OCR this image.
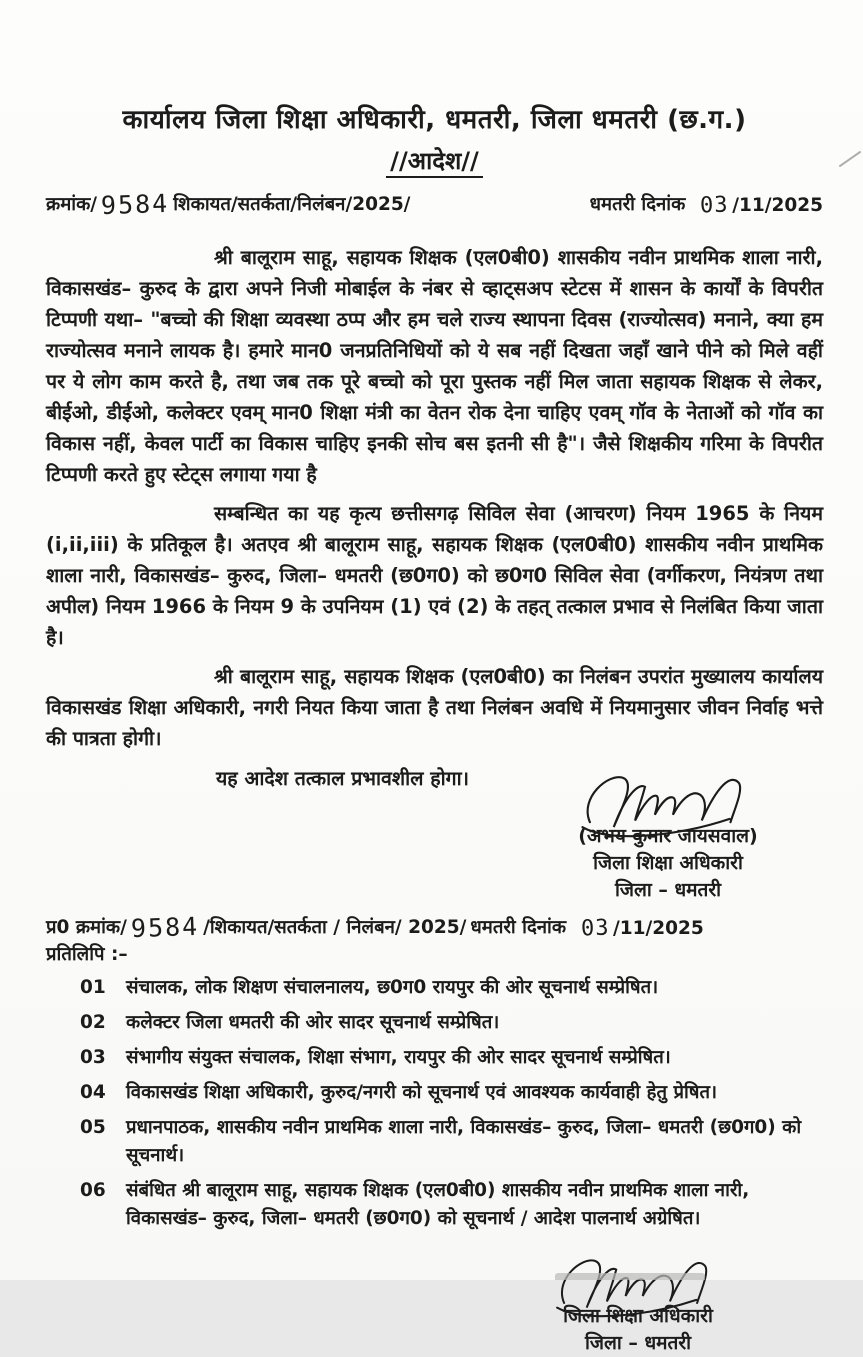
कार्यालय जिला शिक्षा अधिकारी, धमतरी, जिला धमतरी (छ.ग.)
//आदेश//
क्रमांक/ 9584 शिकायत/सतर्कता/निलंबन/2025/	धमतरी दिनांक
03 /11/2025

श्री बालूराम साहू, सहायक शिक्षक (एल0बी0) शासकीय नवीन प्राथमिक शाला नारी, विकासखंड– कुरुद के द्वारा अपने निजी मोबाईल के नंबर से व्हाट्सअप स्टेटस में शासन के कार्यों के विपरीत टिप्पणी यथा– "बच्चो की शिक्षा व्यवस्था ठप्प और हम चले राज्य स्थापना दिवस (राज्योत्सव) मनाने, क्या हम राज्योत्सव मनाने लायक है। हमारे मान0 जनप्रतिनिधियों को ये सब नहीं दिखता जहाँ खाने पीने को मिले वहीं पर ये लोग काम करते है, तथा जब तक पूरे बच्चो को पूरा पुस्तक नहीं मिल जाता सहायक शिक्षक से लेकर, बीईओ, डीईओ, कलेक्टर एवम् मान0 शिक्षा मंत्री का वेतन रोक देना चाहिए एवम् गॉव के नेताओं को गॉव का विकास नहीं, केवल पार्टी का विकास चाहिए इनकी सोच बस इतनी सी है"। जैसे शिक्षकीय गरिमा के विपरीत टिप्पणी करते हुए स्टेट्स लगाया गया है

सम्बन्धित का यह कृत्य छत्तीसगढ़ सिविल सेवा (आचरण) नियम 1965 के नियम (i,ii,iii) के प्रतिकूल है। अतएव श्री बालूराम साहू, सहायक शिक्षक (एल0बी0) शासकीय नवीन प्राथमिक शाला नारी, विकासखंड– कुरुद, जिला– धमतरी (छ0ग0) को छ0ग0 सिविल सेवा (वर्गीकरण, नियंत्रण तथा अपील) नियम 1966 के नियम 9 के उपनियम (1) एवं (2) के तहत् तत्काल प्रभाव से निलंबित किया जाता है।

श्री बालूराम साहू, सहायक शिक्षक (एल0बी0) का निलंबन उपरांत मुख्यालय कार्यालय विकासखंड शिक्षा अधिकारी, नगरी नियत किया जाता है तथा निलंबन अवधि में नियमानुसार जीवन निर्वाह भत्ते की पात्रता होगी।

यह आदेश तत्काल प्रभावशील होगा।
(अभय कुमार जायसवाल)
जिला शिक्षा अधिकारी
जिला – धमतरी
प्र0 क्रमांक/ 9584 /शिकायत/सतर्कता / निलंबन/ 2025/ धमतरी दिनांक
03 /11/2025
प्रतिलिपि :–
01 संचालक, लोक शिक्षण संचालनालय, छ0ग0 रायपुर की ओर सूचनार्थ सम्प्रेषित।
02 कलेक्टर जिला धमतरी की ओर सादर सूचनार्थ सम्प्रेषित।
03 संभागीय संयुक्त संचालक, शिक्षा संभाग, रायपुर की ओर सादर सूचनार्थ सम्प्रेषित।
04 विकासखंड शिक्षा अधिकारी, कुरुद/नगरी को सूचनार्थ एवं आवश्यक कार्यवाही हेतु प्रेषित।
05 प्रधानपाठक, शासकीय नवीन प्राथमिक शाला नारी, विकासखंड– कुरुद, जिला– धमतरी (छ0ग0) को सूचनार्थ।
06 संबंधित श्री बालूराम साहू, सहायक शिक्षक (एल0बी0) शासकीय नवीन प्राथमिक शाला नारी, विकासखंड– कुरुद, जिला– धमतरी (छ0ग0) को सूचनार्थ / आदेश पालनार्थ अग्रेषित।
जिला शिक्षा अधिकारी
जिला – धमतरी
